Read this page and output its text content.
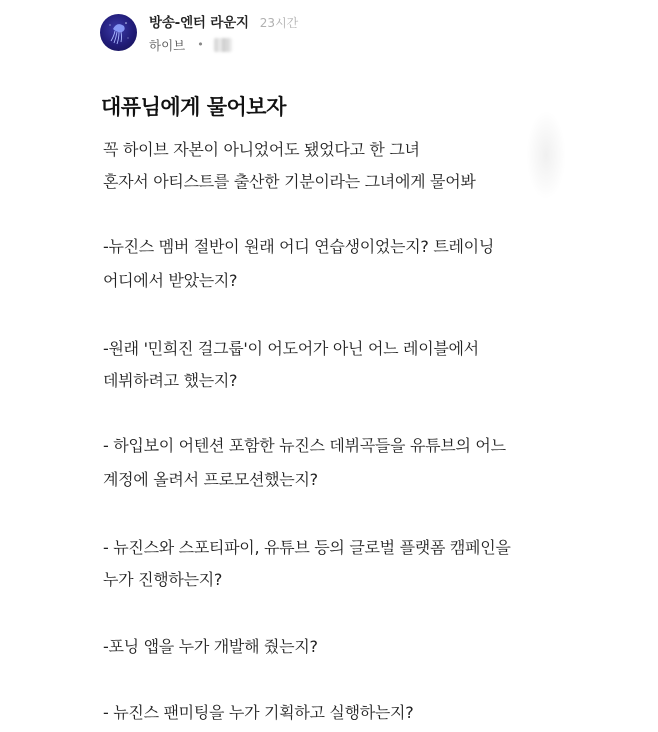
방송-엔터 라운지 23시간
하이브 •
대퓨님에게 물어보자

꼭 하이브 자본이 아니었어도 됐었다고 한 그녀

혼자서 아티스트를 출산한 기분이라는 그녀에게 물어봐

-뉴진스 멤버 절반이 원래 어디 연습생이었는지? 트레이닝

어디에서 받았는지?

-원래 '민희진 걸그룹'이 어도어가 아닌 어느 레이블에서

데뷔하려고 했는지?

- 하입보이 어텐션 포함한 뉴진스 데뷔곡들을 유튜브의 어느

계정에 올려서 프로모션했는지?

- 뉴진스와 스포티파이, 유튜브 등의 글로벌 플랫폼 캠페인을

누가 진행하는지?

-포닝 앱을 누가 개발해 줬는지?

- 뉴진스 팬미팅을 누가 기획하고 실행하는지?
